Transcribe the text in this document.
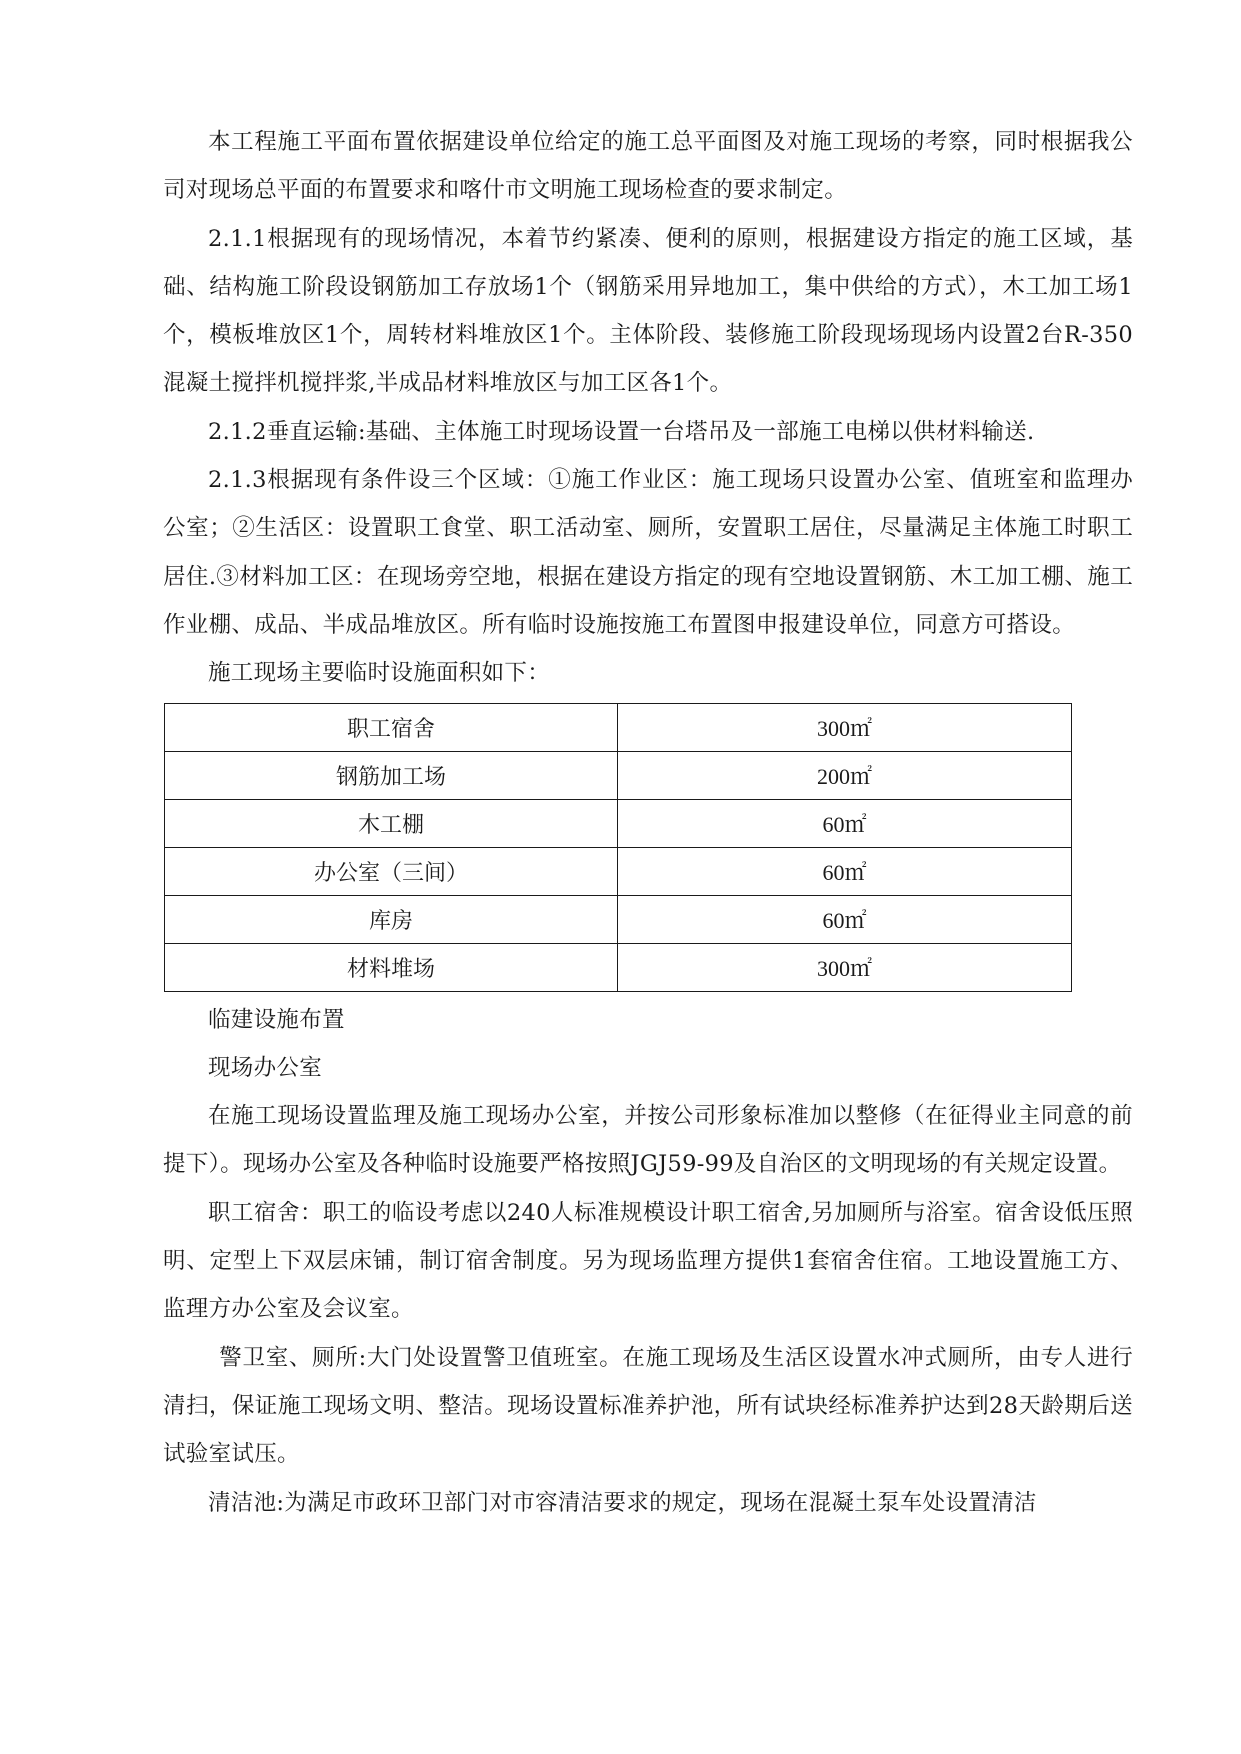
本工程施工平面布置依据建设单位给定的施工总平面图及对施工现场的考察，同时根据我公司对现场总平面的布置要求和喀什市文明施工现场检查的要求制定。

2.1.1根据现有的现场情况，本着节约紧凑、便利的原则，根据建设方指定的施工区域，基础、结构施工阶段设钢筋加工存放场1个（钢筋采用异地加工，集中供给的方式），木工加工场1个，模板堆放区1个，周转材料堆放区1个。主体阶段、装修施工阶段现场现场内设置2台R-350混凝土搅拌机搅拌浆,半成品材料堆放区与加工区各1个。

2.1.2垂直运输:基础、主体施工时现场设置一台塔吊及一部施工电梯以供材料输送.

2.1.3根据现有条件设三个区域：①施工作业区：施工现场只设置办公室、值班室和监理办公室；②生活区：设置职工食堂、职工活动室、厕所，安置职工居住，尽量满足主体施工时职工居住.③材料加工区：在现场旁空地，根据在建设方指定的现有空地设置钢筋、木工加工棚、施工作业棚、成品、半成品堆放区。所有临时设施按施工布置图申报建设单位，同意方可搭设。

施工现场主要临时设施面积如下：

职工宿舍	300㎡
钢筋加工场	200㎡
木工棚	60㎡
办公室（三间）	60㎡
库房	60㎡
材料堆场	300㎡

临建设施布置

现场办公室

在施工现场设置监理及施工现场办公室，并按公司形象标准加以整修（在征得业主同意的前提下）。现场办公室及各种临时设施要严格按照JGJ59-99及自治区的文明现场的有关规定设置。

职工宿舍：职工的临设考虑以240人标准规模设计职工宿舍,另加厕所与浴室。宿舍设低压照明、定型上下双层床铺，制订宿舍制度。另为现场监理方提供1套宿舍住宿。工地设置施工方、监理方办公室及会议室。

警卫室、厕所:大门处设置警卫值班室。在施工现场及生活区设置水冲式厕所，由专人进行清扫，保证施工现场文明、整洁。现场设置标准养护池，所有试块经标准养护达到28天龄期后送试验室试压。

清洁池:为满足市政环卫部门对市容清洁要求的规定，现场在混凝土泵车处设置清洁
